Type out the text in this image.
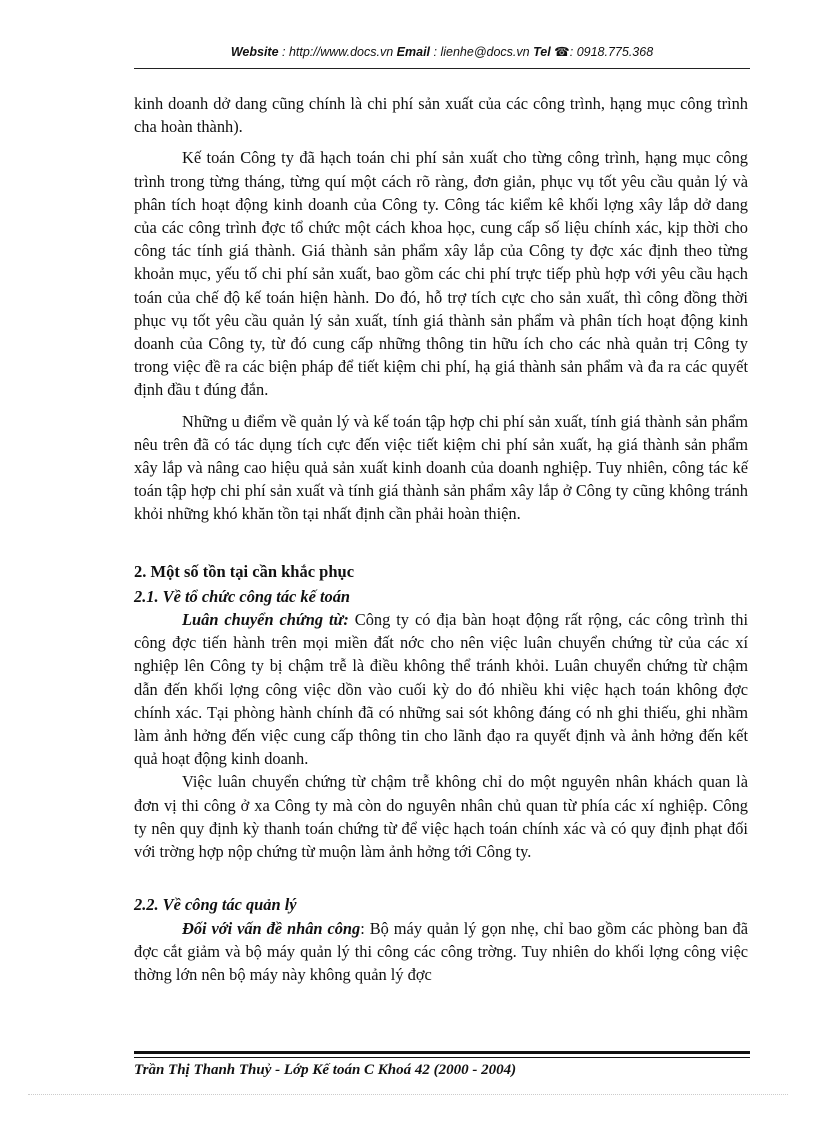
Website : http://www.docs.vn Email : lienhe@docs.vn Tel ☎: 0918.775.368

kinh doanh dở dang cũng chính là chi phí sản xuất của các công trình, hạng mục công trình cha hoàn thành).

Kế toán Công ty đã hạch toán chi phí sản xuất cho từng công trình, hạng mục công trình trong từng tháng, từng quí một cách rõ ràng, đơn giản, phục vụ tốt yêu cầu quản lý và phân tích hoạt động kinh doanh của Công ty. Công tác kiểm kê khối lợng xây lắp dở dang của các công trình đợc tổ chức một cách khoa học, cung cấp số liệu chính xác, kịp thời cho công tác tính giá thành. Giá thành sản phẩm xây lắp của Công ty đợc xác định theo từng khoản mục, yếu tố chi phí sản xuất, bao gồm các chi phí trực tiếp phù hợp với yêu cầu hạch toán của chế độ kế toán hiện hành. Do đó, hỗ trợ tích cực cho sản xuất, thì công đồng thời phục vụ tốt yêu cầu quản lý sản xuất, tính giá thành sản phẩm và phân tích hoạt động kinh doanh của Công ty, từ đó cung cấp những thông tin hữu ích cho các nhà quản trị Công ty trong việc đề ra các biện pháp để tiết kiệm chi phí, hạ giá thành sản phẩm và đa ra các quyết định đầu t đúng đắn.

Những u điểm về quản lý và kế toán tập hợp chi phí sản xuất, tính giá thành sản phẩm nêu trên đã có tác dụng tích cực đến việc tiết kiệm chi phí sản xuất, hạ giá thành sản phẩm xây lắp và nâng cao hiệu quả sản xuất kinh doanh của doanh nghiệp. Tuy nhiên, công tác kế toán tập hợp chi phí sản xuất và tính giá thành sản phẩm xây lắp ở Công ty cũng không tránh khỏi những khó khăn tồn tại nhất định cần phải hoàn thiện.

2. Một số tồn tại cần khắc phục

2.1. Về tổ chức công tác kế toán

Luân chuyển chứng từ: Công ty có địa bàn hoạt động rất rộng, các công trình thi công đợc tiến hành trên mọi miền đất nớc cho nên việc luân chuyển chứng từ của các xí nghiệp lên Công ty bị chậm trễ là điều không thể tránh khỏi. Luân chuyển chứng từ chậm dẫn đến khối lợng công việc dồn vào cuối kỳ do đó nhiều khi việc hạch toán không đợc chính xác. Tại phòng hành chính đã có những sai sót không đáng có nh ghi thiếu, ghi nhầm làm ảnh hởng đến việc cung cấp thông tin cho lãnh đạo ra quyết định và ảnh hởng đến kết quả hoạt động kinh doanh.

Việc luân chuyển chứng từ chậm trễ không chỉ do một nguyên nhân khách quan là đơn vị thi công ở xa Công ty mà còn do nguyên nhân chủ quan từ phía các xí nghiệp. Công ty nên quy định kỳ thanh toán chứng từ để việc hạch toán chính xác và có quy định phạt đối với trờng hợp nộp chứng từ muộn làm ảnh hởng tới Công ty.

2.2. Về công tác quản lý

Đối với vấn đề nhân công: Bộ máy quản lý gọn nhẹ, chỉ bao gồm các phòng ban đã đợc cắt giảm và bộ máy quản lý thi công các công trờng. Tuy nhiên do khối lợng công việc thờng lớn nên bộ máy này không quản lý đợc

Trần Thị Thanh Thuỷ - Lớp Kế toán C Khoá 42 (2000 - 2004)
